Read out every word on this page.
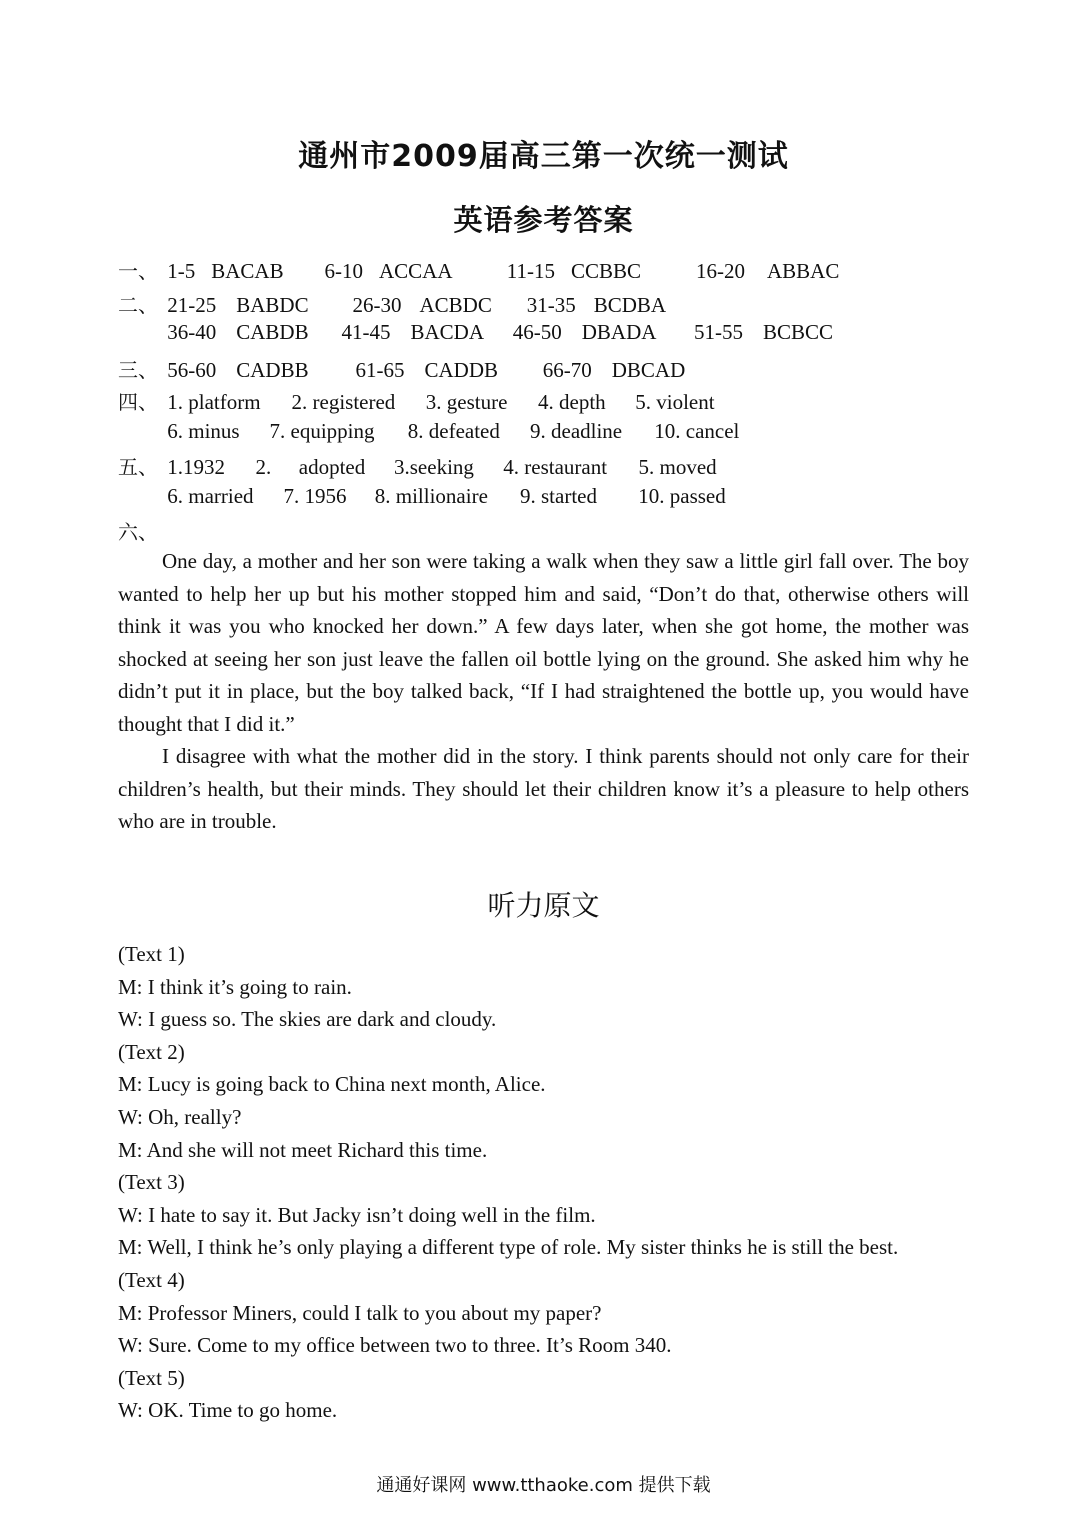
通州市2009届高三第一次统一测试
英语参考答案
一、 1-5 BACAB 6-10 ACCAA	11-15 CCBBC	16-20 ABBAC
二、 21-25 BABDC 26-30 ACBDC 31-35 BCDBA
36-40 CABDB 41-45 BACDA 46-50 DBADA 51-55 BCBCC
三、 56-60 CADBB 61-65 CADDB 66-70 DBCAD
四、 1. platform 2. registered 3. gesture 4. depth 5. violent
6. minus 7. equipping 8. defeated 9. deadline 10. cancel
五、 1.1932 2. adopted 3.seeking 4. restaurant 5. moved
6. married 7. 1956 8. millionaire 9. started 10. passed
六、
One day, a mother and her son were taking a walk when they saw a little girl fall over. The boy wanted to help her up but his mother stopped him and said, “Don’t do that, otherwise others will think it was you who knocked her down.” A few days later, when she got home, the mother was shocked at seeing her son just leave the fallen oil bottle lying on the ground. She asked him why he didn’t put it in place, but the boy talked back, “If I had straightened the bottle up, you would have thought that I did it.”
I disagree with what the mother did in the story. I think parents should not only care for their children’s health, but their minds. They should let their children know it’s a pleasure to help others who are in trouble.
听力原文
(Text 1)
M: I think it’s going to rain.
W: I guess so. The skies are dark and cloudy.
(Text 2)
M: Lucy is going back to China next month, Alice.
W: Oh, really?
M: And she will not meet Richard this time.
(Text 3)
W: I hate to say it. But Jacky isn’t doing well in the film.
M: Well, I think he’s only playing a different type of role. My sister thinks he is still the best.
(Text 4)
M: Professor Miners, could I talk to you about my paper?
W: Sure. Come to my office between two to three. It’s Room 340.
(Text 5)
W: OK. Time to go home.
通通好课网 www.tthaoke.com 提供下载
